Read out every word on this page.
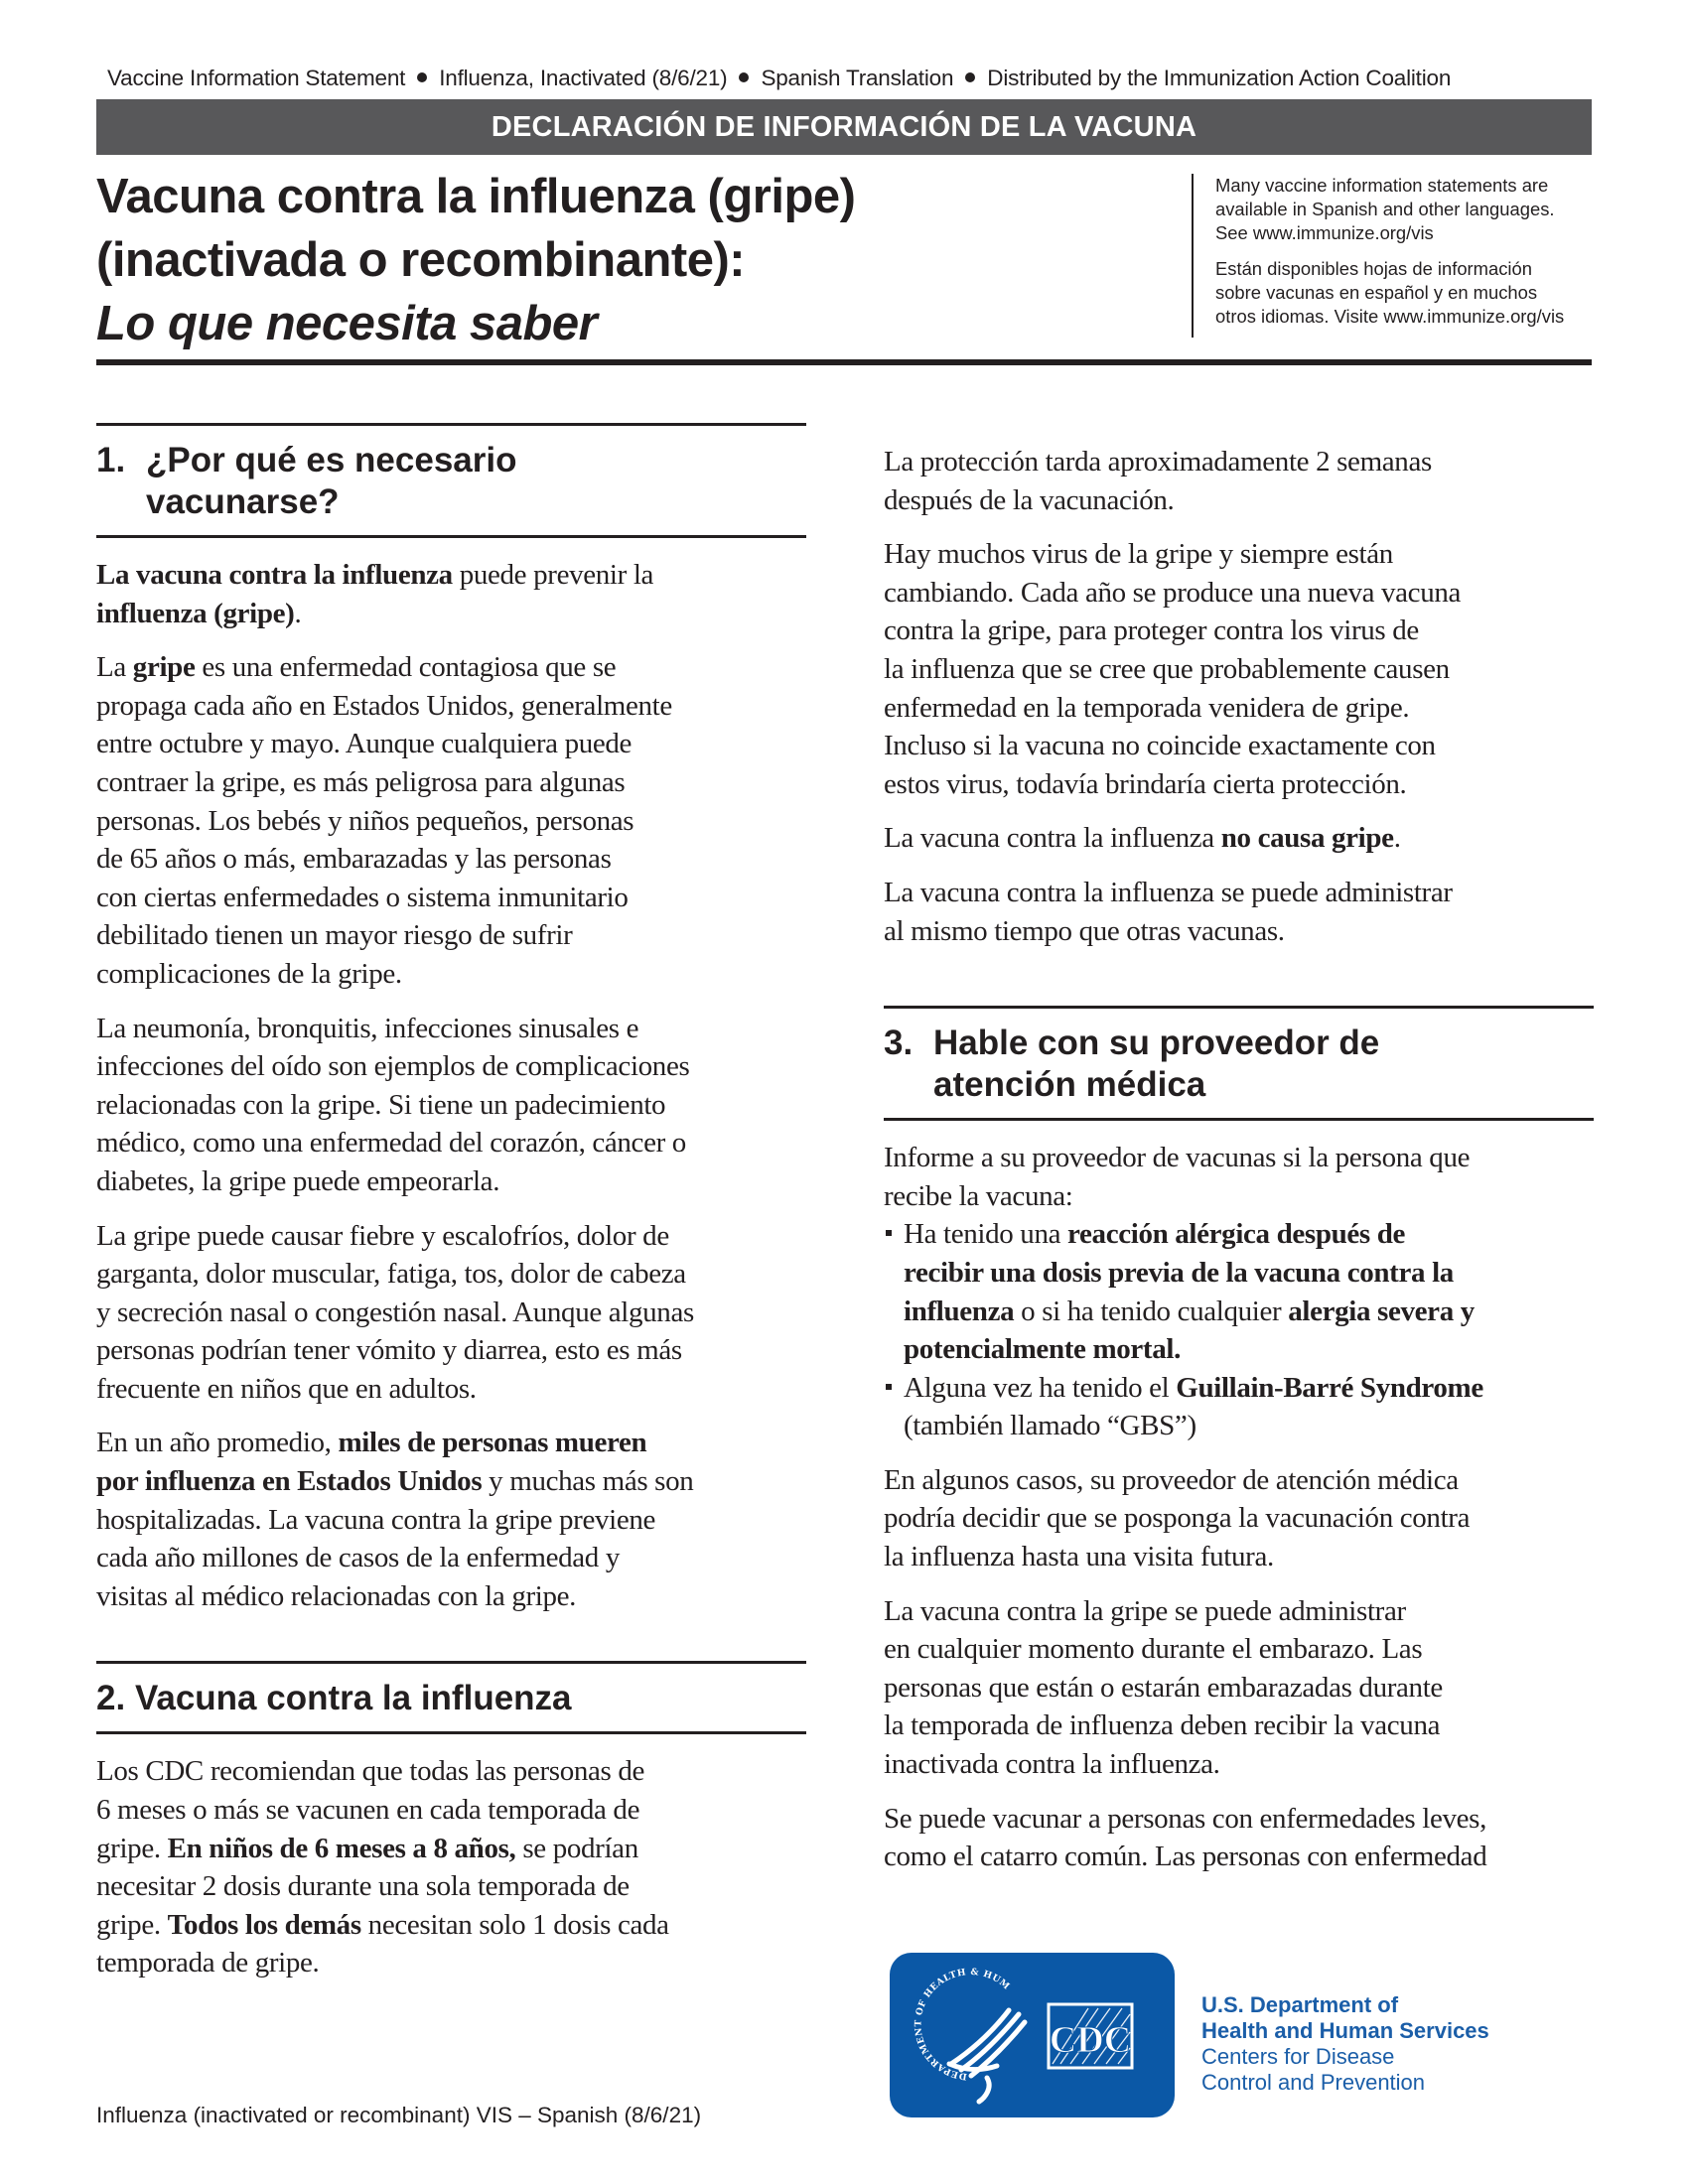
Vaccine Information Statement Influenza, Inactivated (8/6/21) Spanish Translation Distributed by the Immunization Action Coalition
DECLARACIÓN DE INFORMACIÓN DE LA VACUNA
Vacuna contra la influenza (gripe)
(inactivada o recombinante):
Lo que necesita saber

Many vaccine information statements are
available in Spanish and other languages.
See www.immunize.org/vis

Están disponibles hojas de información
sobre vacunas en español y en muchos
otros idiomas. Visite www.immunize.org/vis

1. ¿Por qué es necesario
vacunarse?

La vacuna contra la influenza puede prevenir la
influenza (gripe).

La gripe es una enfermedad contagiosa que se
propaga cada año en Estados Unidos, generalmente
entre octubre y mayo. Aunque cualquiera puede
contraer la gripe, es más peligrosa para algunas
personas. Los bebés y niños pequeños, personas
de 65 años o más, embarazadas y las personas
con ciertas enfermedades o sistema inmunitario
debilitado tienen un mayor riesgo de sufrir
complicaciones de la gripe.

La neumonía, bronquitis, infecciones sinusales e
infecciones del oído son ejemplos de complicaciones
relacionadas con la gripe. Si tiene un padecimiento
médico, como una enfermedad del corazón, cáncer o
diabetes, la gripe puede empeorarla.

La gripe puede causar fiebre y escalofríos, dolor de
garganta, dolor muscular, fatiga, tos, dolor de cabeza
y secreción nasal o congestión nasal. Aunque algunas
personas podrían tener vómito y diarrea, esto es más
frecuente en niños que en adultos.

En un año promedio, miles de personas mueren
por influenza en Estados Unidos y muchas más son
hospitalizadas. La vacuna contra la gripe previene
cada año millones de casos de la enfermedad y
visitas al médico relacionadas con la gripe.

2. Vacuna contra la influenza

Los CDC recomiendan que todas las personas de
6 meses o más se vacunen en cada temporada de
gripe. En niños de 6 meses a 8 años, se podrían
necesitar 2 dosis durante una sola temporada de
gripe. Todos los demás necesitan solo 1 dosis cada
temporada de gripe.

La protección tarda aproximadamente 2 semanas
después de la vacunación.

Hay muchos virus de la gripe y siempre están
cambiando. Cada año se produce una nueva vacuna
contra la gripe, para proteger contra los virus de
la influenza que se cree que probablemente causen
enfermedad en la temporada venidera de gripe.
Incluso si la vacuna no coincide exactamente con
estos virus, todavía brindaría cierta protección.

La vacuna contra la influenza no causa gripe.

La vacuna contra la influenza se puede administrar
al mismo tiempo que otras vacunas.

3. Hable con su proveedor de
atención médica

Informe a su proveedor de vacunas si la persona que
recibe la vacuna:

Ha tenido una reacción alérgica después de
recibir una dosis previa de la vacuna contra la
influenza o si ha tenido cualquier alergia severa y
potencialmente mortal.
Alguna vez ha tenido el Guillain-Barré Syndrome
(también llamado “GBS”)

En algunos casos, su proveedor de atención médica
podría decidir que se posponga la vacunación contra
la influenza hasta una visita futura.

La vacuna contra la gripe se puede administrar
en cualquier momento durante el embarazo. Las
personas que están o estarán embarazadas durante
la temporada de influenza deben recibir la vacuna
inactivada contra la influenza.

Se puede vacunar a personas con enfermedades leves,
como el catarro común. Las personas con enfermedad

Influenza (inactivated or recombinant) VIS – Spanish (8/6/21)
DEPARTMENT OF HEALTH & HUM
CDC
U.S. Department of
Health and Human Services
Centers for Disease
Control and Prevention
